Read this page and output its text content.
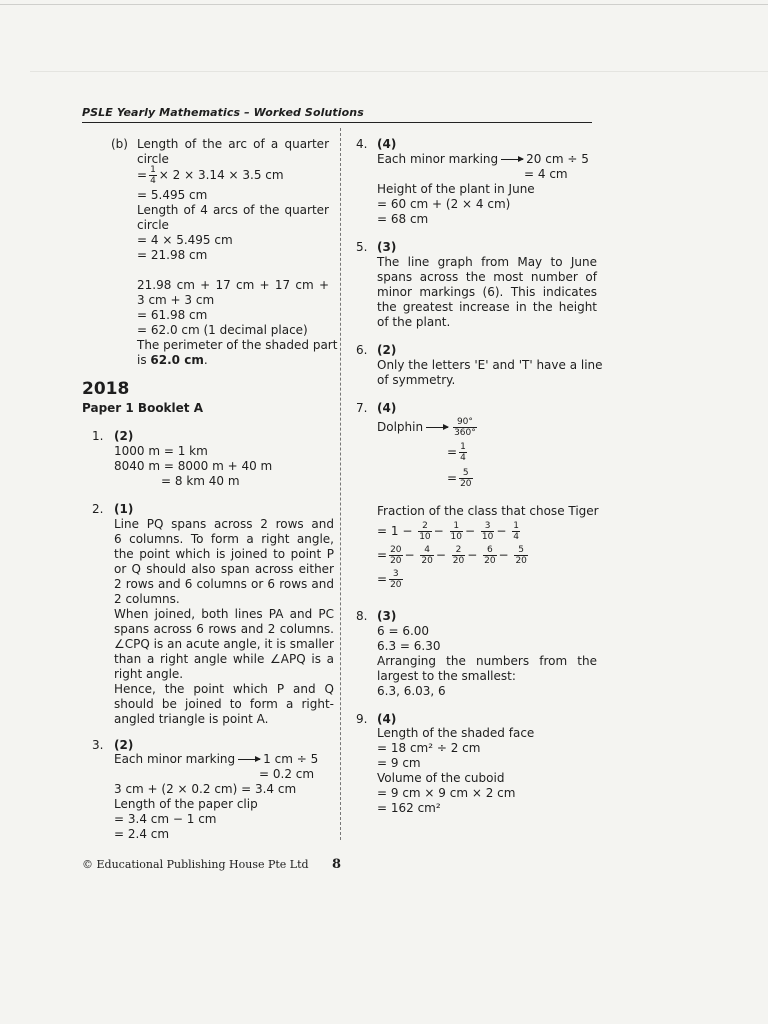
PSLE Yearly Mathematics – Worked Solutions
(b) Length of the arc of a quarter
circle
= $\frac{1}{4} \times 2 \times 3.14 \times 3.5$ cm
= 5.495 cm
Length of 4 arcs of the quarter
circle
= 4 × 5.495 cm
= 21.98 cm
21.98 cm + 17 cm + 17 cm +
3 cm + 3 cm
= 61.98 cm
= 62.0 cm (1 decimal place)
The perimeter of the shaded part
is 62.0 cm.
2018
Paper 1 Booklet A
1. (2)
1000 m = 1 km
8040 m = 8000 m + 40 m
= 8 km 40 m
2. (1)
Line PQ spans across 2 rows and
6 columns. To form a right angle,
the point which is joined to point P
or Q should also span across either
2 rows and 6 columns or 6 rows and
2 columns.
When joined, both lines PA and PC
spans across 6 rows and 2 columns.
∠CPQ is an acute angle, it is smaller
than a right angle while ∠APQ is a
right angle.
Hence, the point which P and Q
should be joined to form a right-
angled triangle is point A.
3. (2)
Each minor marking 1 cm ÷ 5
= 0.2 cm
3 cm + (2 × 0.2 cm) = 3.4 cm
Length of the paper clip
= 3.4 cm − 1 cm
= 2.4 cm
4. (4)
Each minor marking 20 cm ÷ 5
= 4 cm
Height of the plant in June
= 60 cm + (2 × 4 cm)
= 68 cm
5. (3)
The line graph from May to June
spans across the most number of
minor markings (6). This indicates
the greatest increase in the height
of the plant.
6. (2)
Only the letters 'E' and 'T' have a line
of symmetry.
7. (4)
Dolphin	$\frac{90^\circ}{360^\circ}$
= $\frac{1}{4}$
= $\frac{5}{20}$
Fraction of the class that chose Tiger
= $1 - \frac{2}{10} - \frac{1}{10} - \frac{3}{10} - \frac{1}{4}$
= $\frac{20}{20} - \frac{4}{20} - \frac{2}{20} - \frac{6}{20} - \frac{5}{20}$
= $\frac{3}{20}$
8. (3)
6 = 6.00
6.3 = 6.30
Arranging the numbers from the
largest to the smallest:
6.3, 6.03, 6
9. (4)
Length of the shaded face
= 18 cm² ÷ 2 cm
= 9 cm
Volume of the cuboid
= 9 cm × 9 cm × 2 cm
= 162 cm²
© Educational Publishing House Pte Ltd 8
